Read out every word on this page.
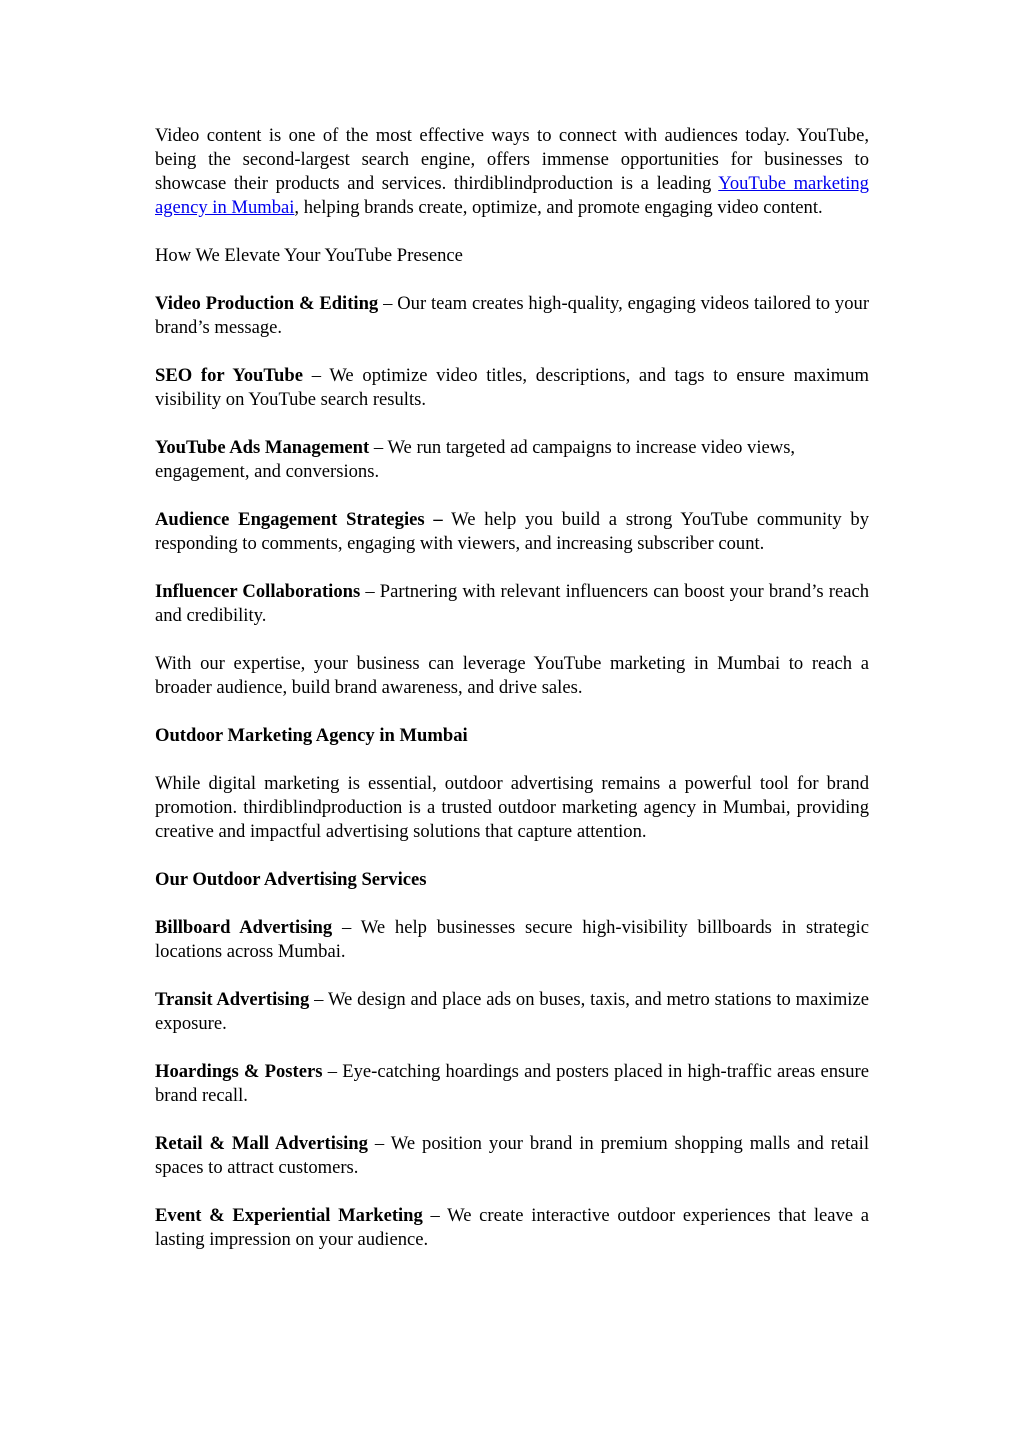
Video content is one of the most effective ways to connect with audiences today. YouTube, being the second-largest search engine, offers immense opportunities for businesses to showcase their products and services. thirdiblindproduction is a leading YouTube marketing agency in Mumbai, helping brands create, optimize, and promote engaging video content.

How We Elevate Your YouTube Presence

Video Production & Editing – Our team creates high-quality, engaging videos tailored to your brand’s message.

SEO for YouTube – We optimize video titles, descriptions, and tags to ensure maximum visibility on YouTube search results.

YouTube Ads Management – We run targeted ad campaigns to increase video views, engagement, and conversions.

Audience Engagement Strategies – We help you build a strong YouTube community by responding to comments, engaging with viewers, and increasing subscriber count.

Influencer Collaborations – Partnering with relevant influencers can boost your brand’s reach and credibility.

With our expertise, your business can leverage YouTube marketing in Mumbai to reach a broader audience, build brand awareness, and drive sales.

Outdoor Marketing Agency in Mumbai

While digital marketing is essential, outdoor advertising remains a powerful tool for brand promotion. thirdiblindproduction is a trusted outdoor marketing agency in Mumbai, providing creative and impactful advertising solutions that capture attention.

Our Outdoor Advertising Services

Billboard Advertising – We help businesses secure high-visibility billboards in strategic locations across Mumbai.

Transit Advertising – We design and place ads on buses, taxis, and metro stations to maximize exposure.

Hoardings & Posters – Eye-catching hoardings and posters placed in high-traffic areas ensure brand recall.

Retail & Mall Advertising – We position your brand in premium shopping malls and retail spaces to attract customers.

Event & Experiential Marketing – We create interactive outdoor experiences that leave a lasting impression on your audience.
